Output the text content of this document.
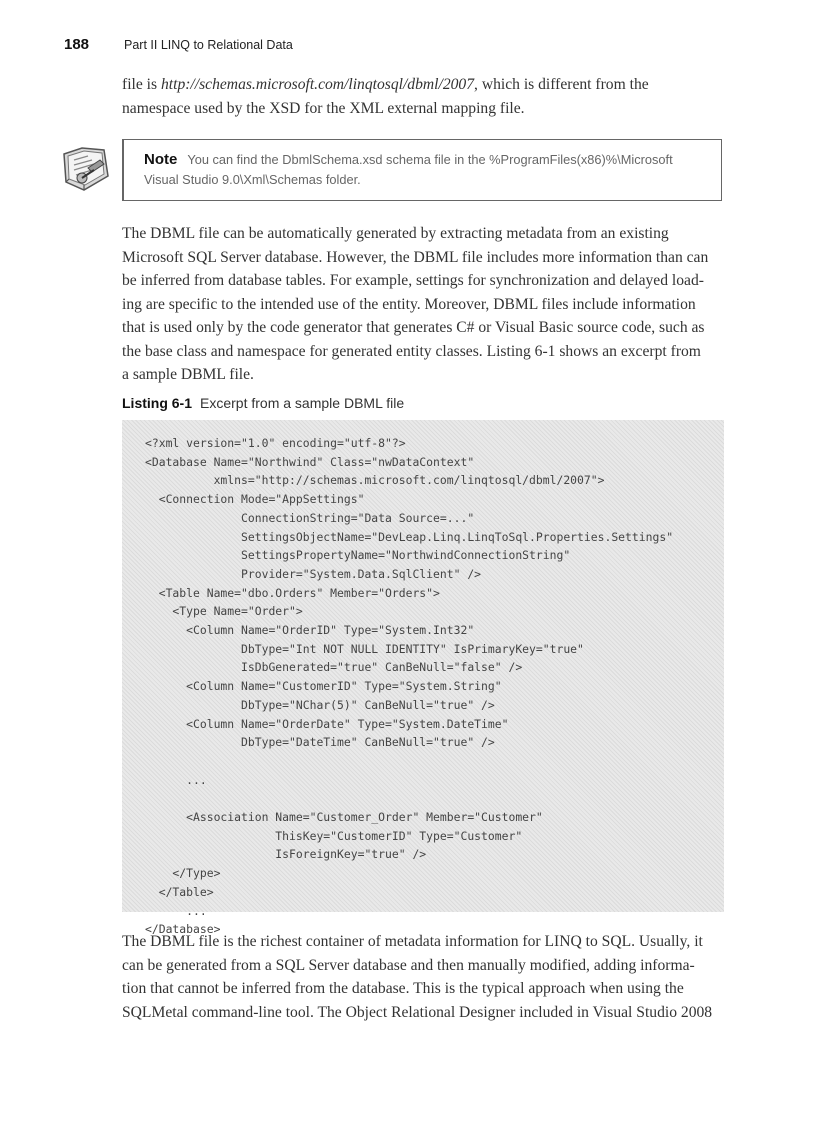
188	Part II LINQ to Relational Data

file is http://schemas.microsoft.com/linqtosql/dbml/2007, which is different from the
namespace used by the XSD for the XML external mapping file.

Note You can find the DbmlSchema.xsd schema file in the %ProgramFiles(x86)%\Microsoft
Visual Studio 9.0\Xml\Schemas folder.

The DBML file can be automatically generated by extracting metadata from an existing
Microsoft SQL Server database. However, the DBML file includes more information than can
be inferred from database tables. For example, settings for synchronization and delayed load-
ing are specific to the intended use of the entity. Moreover, DBML files include information
that is used only by the code generator that generates C# or Visual Basic source code, such as
the base class and namespace for generated entity classes. Listing 6-1 shows an excerpt from
a sample DBML file.

Listing 6-1 Excerpt from a sample DBML file
<?xml version="1.0" encoding="utf-8"?>
<Database Name="Northwind" Class="nwDataContext"
xmlns="http://schemas.microsoft.com/linqtosql/dbml/2007">
<Connection Mode="AppSettings"
ConnectionString="Data Source=..."
SettingsObjectName="DevLeap.Linq.LinqToSql.Properties.Settings"
SettingsPropertyName="NorthwindConnectionString"
Provider="System.Data.SqlClient" />
<Table Name="dbo.Orders" Member="Orders">
<Type Name="Order">
<Column Name="OrderID" Type="System.Int32"
DbType="Int NOT NULL IDENTITY" IsPrimaryKey="true"
IsDbGenerated="true" CanBeNull="false" />
<Column Name="CustomerID" Type="System.String"
DbType="NChar(5)" CanBeNull="true" />
<Column Name="OrderDate" Type="System.DateTime"
DbType="DateTime" CanBeNull="true" />

...

<Association Name="Customer_Order" Member="Customer"
ThisKey="CustomerID" Type="Customer"
IsForeignKey="true" />
</Type>
</Table>
...
</Database>

The DBML file is the richest container of metadata information for LINQ to SQL. Usually, it
can be generated from a SQL Server database and then manually modified, adding informa-
tion that cannot be inferred from the database. This is the typical approach when using the
SQLMetal command-line tool. The Object Relational Designer included in Visual Studio 2008
